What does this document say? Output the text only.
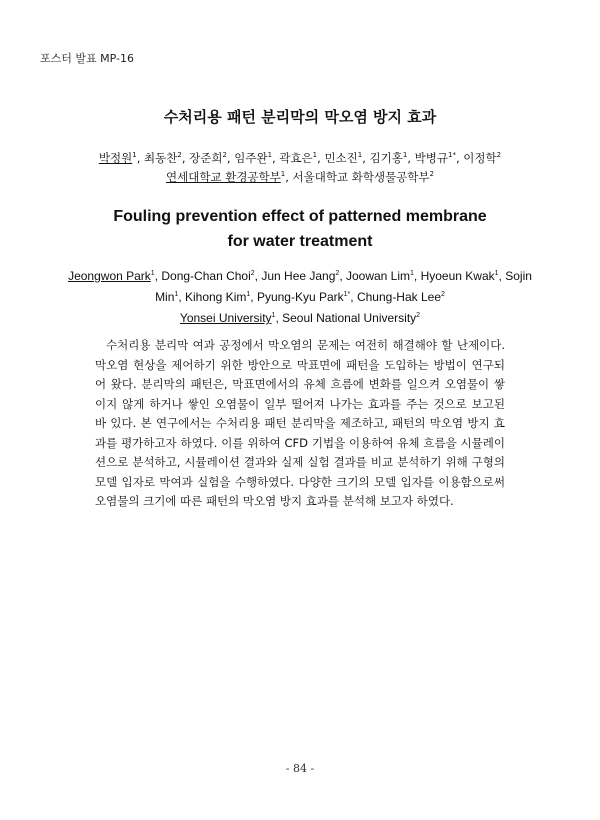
포스터 발표 MP-16
수처리용 패턴 분리막의 막오염 방지 효과
박정원$^1$, 최동찬$^2$, 장준희$^2$, 임주완$^1$, 곽효은$^1$, 민소진$^1$, 김기홍$^1$, 박병규$^{1*}$, 이정학$^2$
연세대학교 환경공학부$^1$, 서울대학교 화학생물공학부$^2$
Fouling prevention effect of patterned membrane
for water treatment
Jeongwon Park$^1$, Dong-Chan Choi$^2$, Jun Hee Jang$^2$, Joowan Lim$^1$, Hyoeun Kwak$^1$, Sojin Min$^1$, Kihong Kim$^1$, Pyung-Kyu Park$^{1*}$, Chung-Hak Lee$^2$
Yonsei University$^1$, Seoul National University$^2$
수처리용 분리막 여과 공정에서 막오염의 문제는 여전히 해결해야 할 난제이다. 막오염 현상을 제어하기 위한 방안으로 막표면에 패턴을 도입하는 방법이 연구되어 왔다. 분리막의 패턴은, 막표면에서의 유체 흐름에 변화를 일으켜 오염물이 쌓이지 않게 하거나 쌓인 오염물이 일부 떨어져 나가는 효과를 주는 것으로 보고된 바 있다. 본 연구에서는 수처리용 패턴 분리막을 제조하고, 패턴의 막오염 방지 효과를 평가하고자 하였다. 이를 위하여 CFD 기법을 이용하여 유체 흐름을 시뮬레이션으로 분석하고, 시뮬레이션 결과와 실제 실험 결과를 비교 분석하기 위해 구형의 모델 입자로 막여과 실험을 수행하였다. 다양한 크기의 모델 입자를 이용함으로써 오염물의 크기에 따른 패턴의 막오염 방지 효과를 분석해 보고자 하였다.
- 84 -
